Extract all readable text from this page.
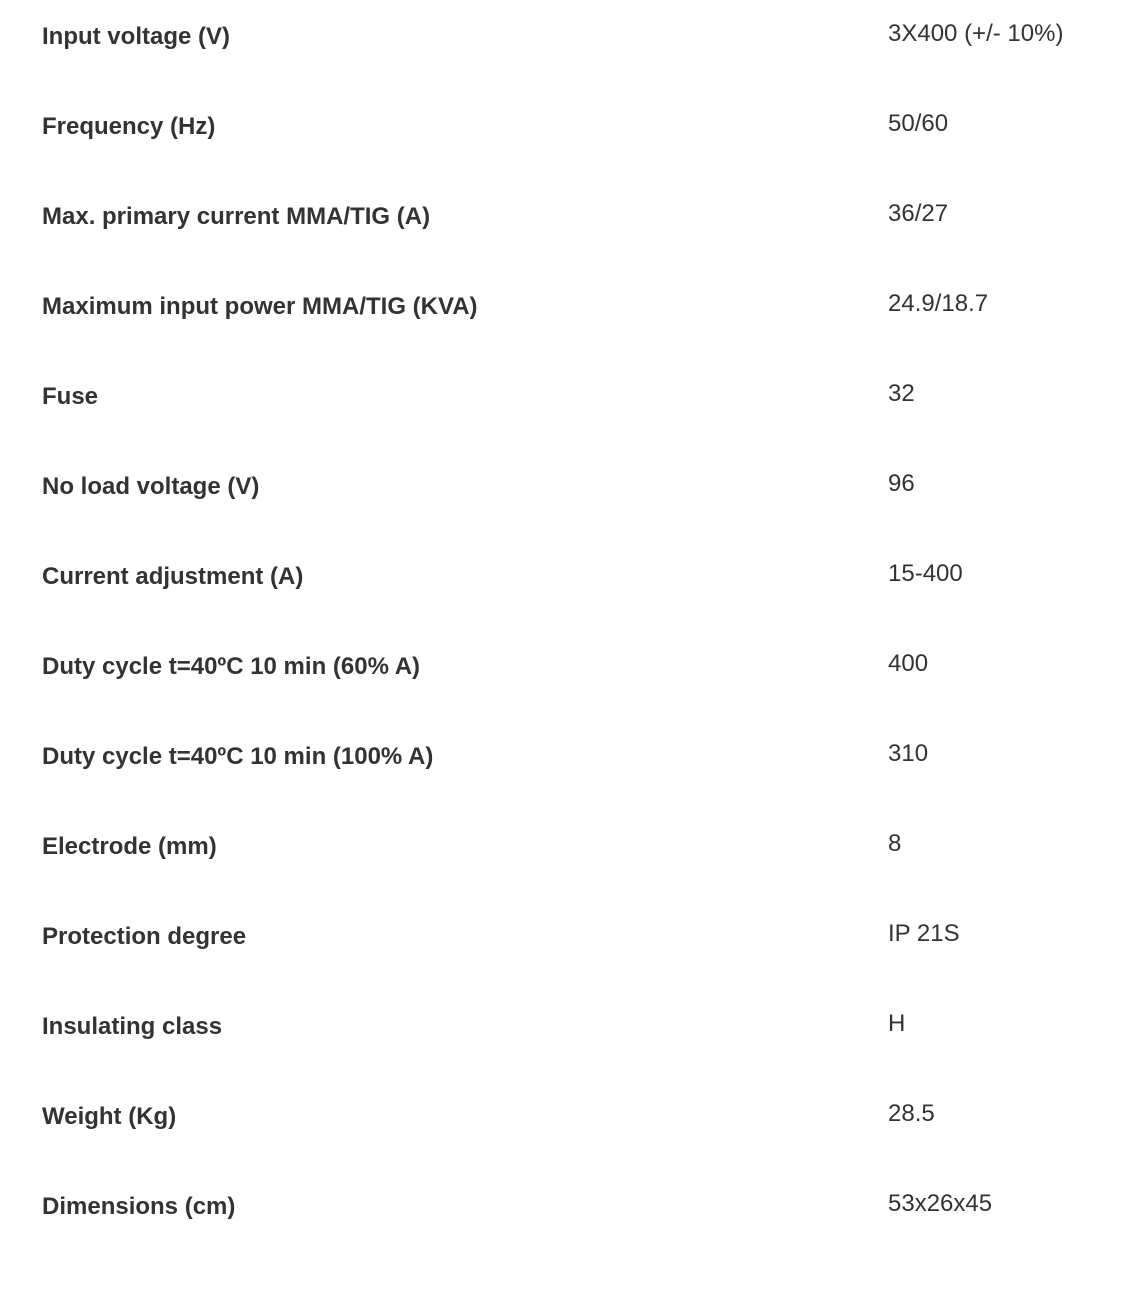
Input voltage (V)	3X400 (+/- 10%)
Frequency (Hz)	50/60
Max. primary current MMA/TIG (A)	36/27
Maximum input power MMA/TIG (KVA)	24.9/18.7
Fuse	32
No load voltage (V)	96
Current adjustment (A)	15-400
Duty cycle t=40ºC 10 min (60% A)	400
Duty cycle t=40ºC 10 min (100% A)	310
Electrode (mm)	8
Protection degree	IP 21S
Insulating class	H
Weight (Kg)	28.5
Dimensions (cm)	53x26x45
